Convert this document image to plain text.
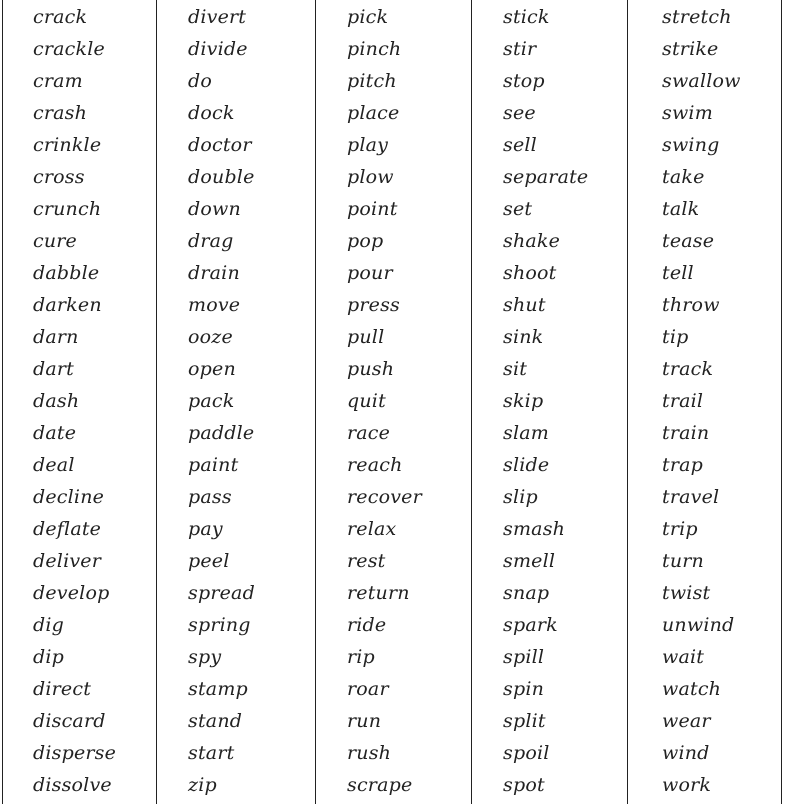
crack
crackle
cram
crash
crinkle
cross
crunch
cure
dabble
darken
darn
dart
dash
date
deal
decline
deflate
deliver
develop
dig
dip
direct
discard
disperse
dissolve
divert
divide
do
dock
doctor
double
down
drag
drain
move
ooze
open
pack
paddle
paint
pass
pay
peel
spread
spring
spy
stamp
stand
start
zip
pick
pinch
pitch
place
play
plow
point
pop
pour
press
pull
push
quit
race
reach
recover
relax
rest
return
ride
rip
roar
run
rush
scrape
stick
stir
stop
see
sell
separate
set
shake
shoot
shut
sink
sit
skip
slam
slide
slip
smash
smell
snap
spark
spill
spin
split
spoil
spot
stretch
strike
swallow
swim
swing
take
talk
tease
tell
throw
tip
track
trail
train
trap
travel
trip
turn
twist
unwind
wait
watch
wear
wind
work
